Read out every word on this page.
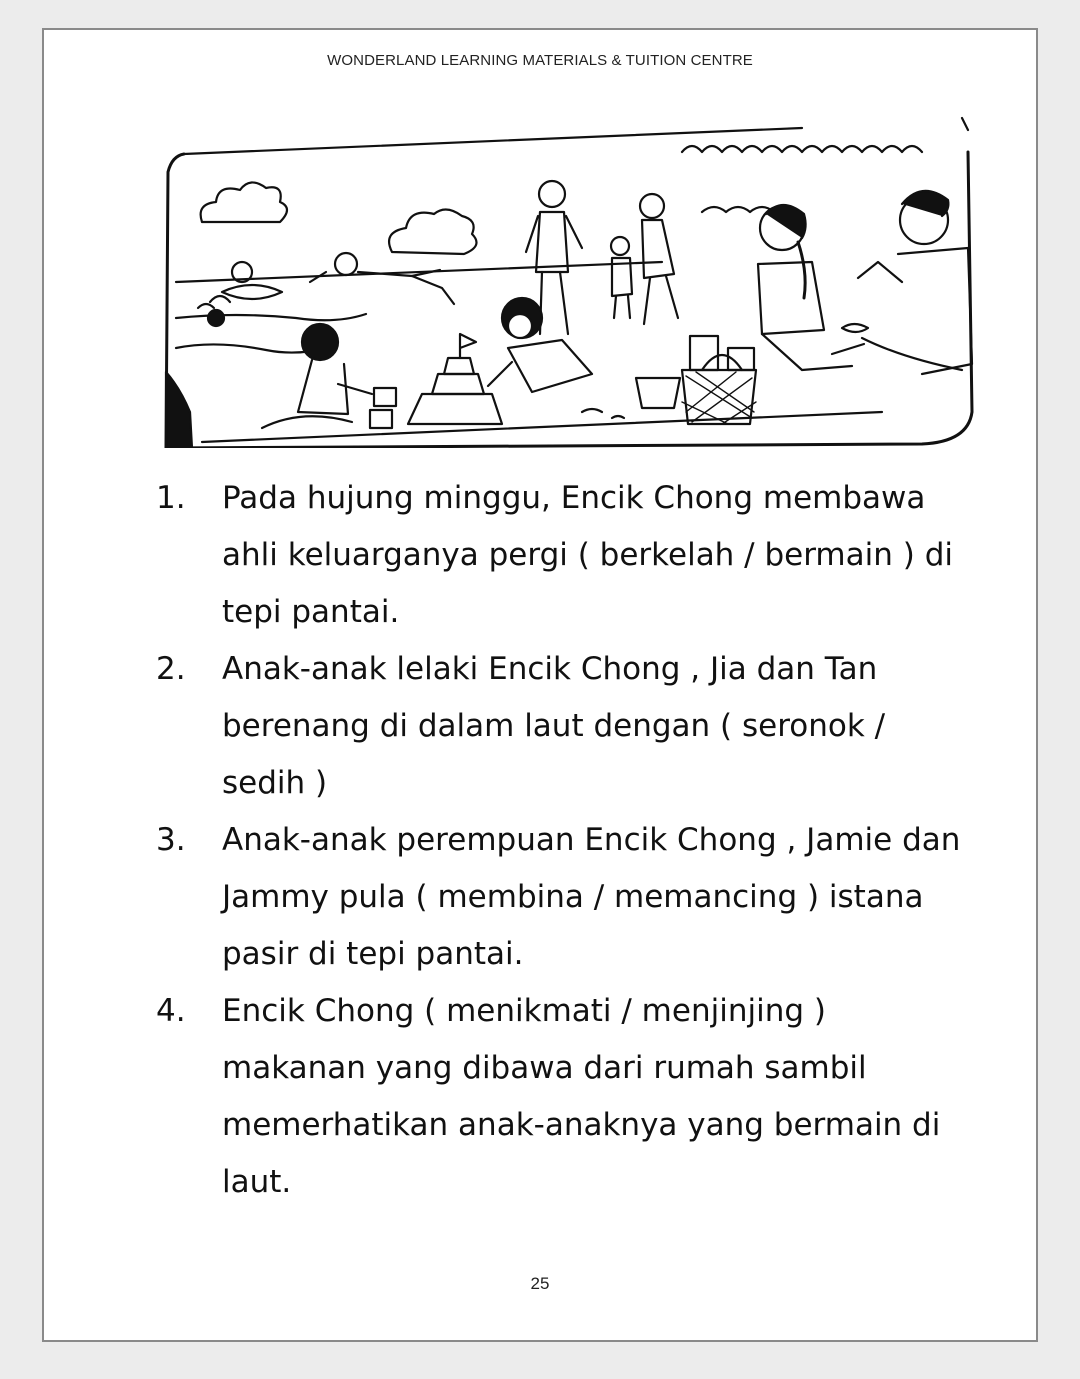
WONDERLAND LEARNING MATERIALS & TUITION CENTRE
1.	Pada hujung minggu, Encik Chong membawa ahli keluarganya pergi ( berkelah / bermain ) di tepi pantai.
2.	Anak-anak lelaki Encik Chong , Jia dan Tan berenang di dalam laut dengan ( seronok / sedih )
3.	Anak-anak perempuan Encik Chong , Jamie dan Jammy pula ( membina / memancing ) istana pasir di tepi pantai.
4.	Encik Chong ( menikmati / menjinjing ) makanan yang dibawa dari rumah sambil memerhatikan anak-anaknya yang bermain di laut.
25
